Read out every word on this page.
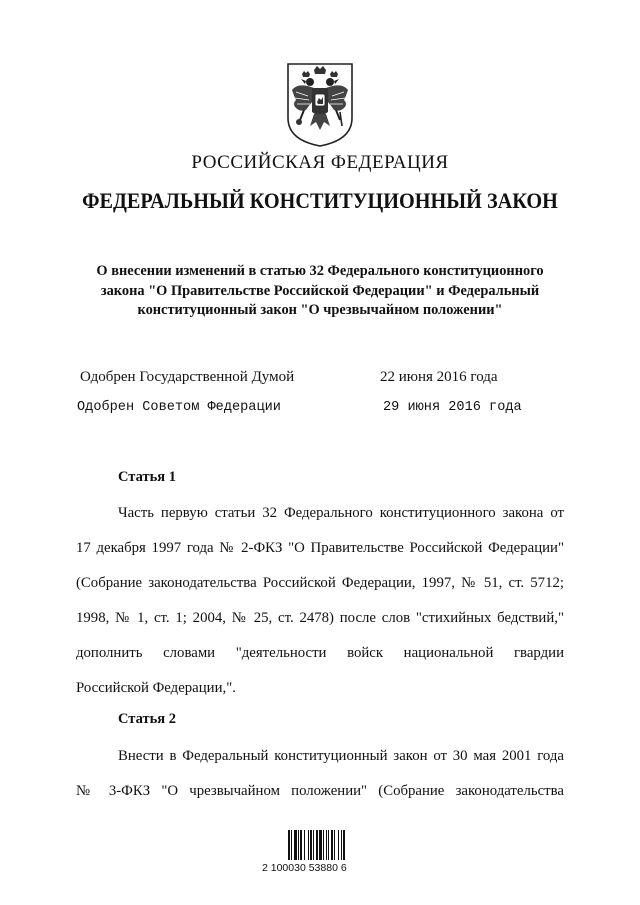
РОССИЙСКАЯ ФЕДЕРАЦИЯ
ФЕДЕРАЛЬНЫЙ КОНСТИТУЦИОННЫЙ ЗАКОН
О внесении изменений в статью 32 Федерального конституционного
закона "О Правительстве Российской Федерации" и Федеральный
конституционный закон "О чрезвычайном положении"
Одобрен Государственной Думой	22 июня 2016 года
Одобрен Советом Федерации	29 июня 2016 года
Статья 1
Часть первую статьи 32 Федерального конституционного закона от
17 декабря 1997 года № 2-ФКЗ "О Правительстве Российской Федерации"
(Собрание законодательства Российской Федерации, 1997, № 51, ст. 5712;
1998, № 1, ст. 1; 2004, № 25, ст. 2478) после слов "стихийных бедствий,"
дополнить словами "деятельности войск национальной гвардии
Российской Федерации,".
Статья 2
Внести в Федеральный конституционный закон от 30 мая 2001 года
№ 3-ФКЗ "О чрезвычайном положении" (Собрание законодательства
2 100030 53880 6
